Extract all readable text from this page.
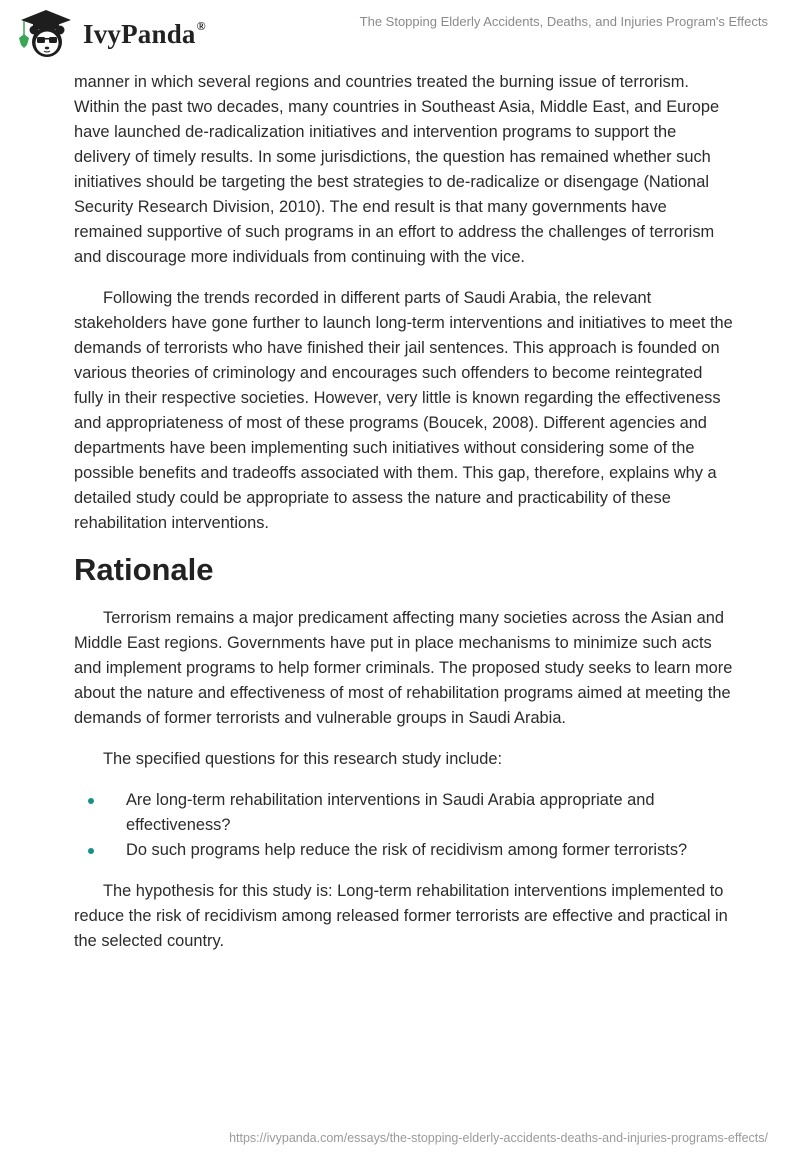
IvyPanda®	The Stopping Elderly Accidents, Deaths, and Injuries Program's Effects

manner in which several regions and countries treated the burning issue of terrorism. Within the past two decades, many countries in Southeast Asia, Middle East, and Europe have launched de-radicalization initiatives and intervention programs to support the delivery of timely results. In some jurisdictions, the question has remained whether such initiatives should be targeting the best strategies to de-radicalize or disengage (National Security Research Division, 2010). The end result is that many governments have remained supportive of such programs in an effort to address the challenges of terrorism and discourage more individuals from continuing with the vice.

Following the trends recorded in different parts of Saudi Arabia, the relevant stakeholders have gone further to launch long-term interventions and initiatives to meet the demands of terrorists who have finished their jail sentences. This approach is founded on various theories of criminology and encourages such offenders to become reintegrated fully in their respective societies. However, very little is known regarding the effectiveness and appropriateness of most of these programs (Boucek, 2008). Different agencies and departments have been implementing such initiatives without considering some of the possible benefits and tradeoffs associated with them. This gap, therefore, explains why a detailed study could be appropriate to assess the nature and practicability of these rehabilitation interventions.

Rationale

Terrorism remains a major predicament affecting many societies across the Asian and Middle East regions. Governments have put in place mechanisms to minimize such acts and implement programs to help former criminals. The proposed study seeks to learn more about the nature and effectiveness of most of rehabilitation programs aimed at meeting the demands of former terrorists and vulnerable groups in Saudi Arabia.

The specified questions for this research study include:

Are long-term rehabilitation interventions in Saudi Arabia appropriate and effectiveness?
Do such programs help reduce the risk of recidivism among former terrorists?

The hypothesis for this study is: Long-term rehabilitation interventions implemented to reduce the risk of recidivism among released former terrorists are effective and practical in the selected country.

https://ivypanda.com/essays/the-stopping-elderly-accidents-deaths-and-injuries-programs-effects/
